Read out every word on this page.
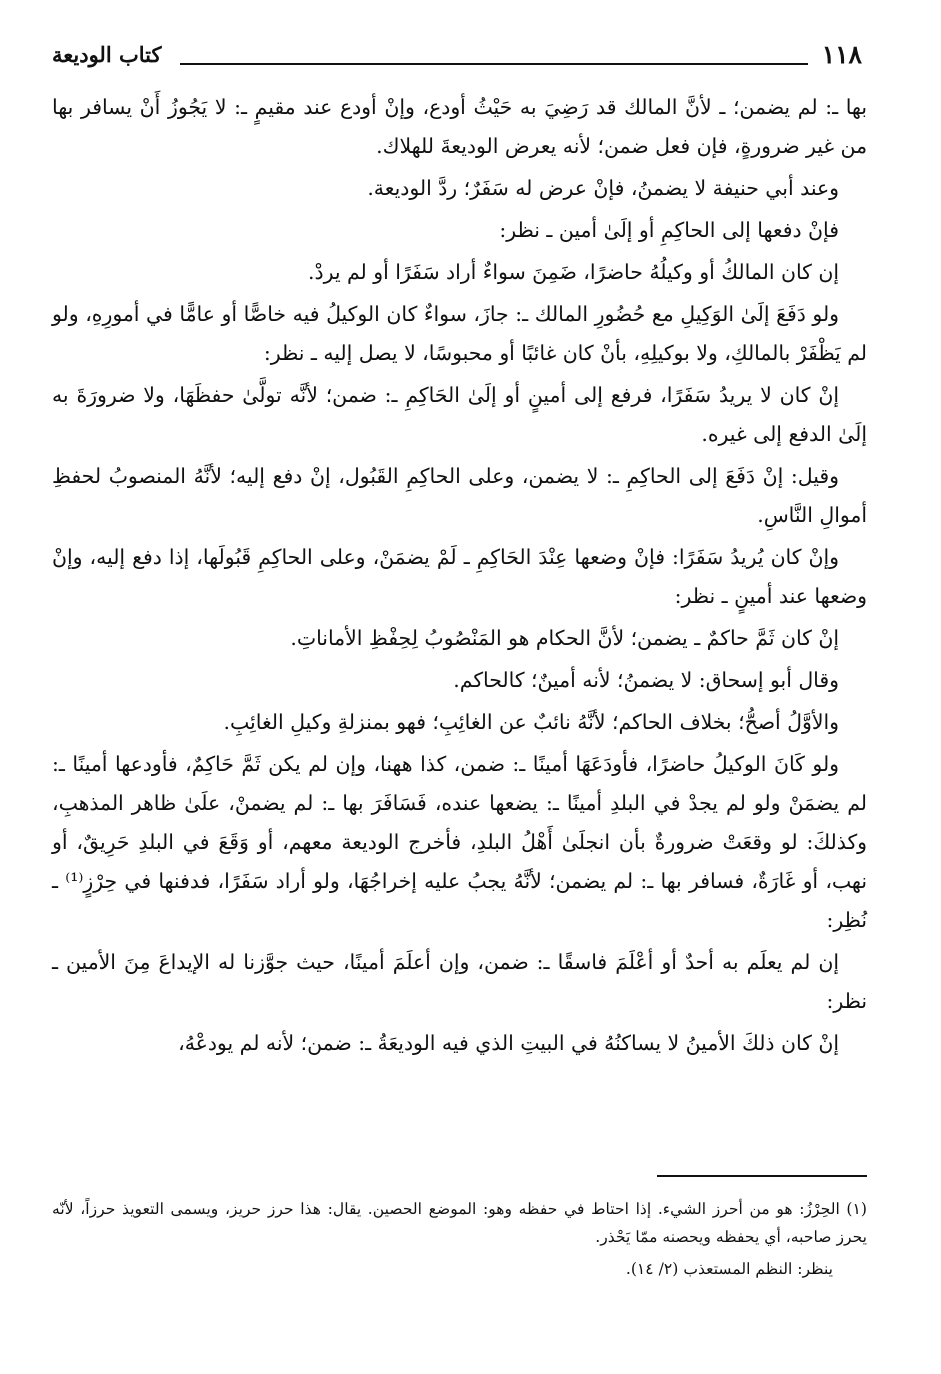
١١٨
كتاب الوديعة

بها ـ: لم يضمن؛ ـ لأنَّ المالك قد رَضِيَ به حَيْثُ أودع، وإنْ أودع عند مقيمٍ ـ: لا يَجُوزُ أَنْ يسافر بها من غير ضرورةٍ، فإن فعل ضمن؛ لأنه يعرض الوديعةَ للهلاك.

وعند أبي حنيفة لا يضمنُ، فإنْ عرض له سَفَرٌ؛ ردَّ الوديعة.

فإنْ دفعها إلى الحاكِمِ أو إلَىٰ أمين ـ نظر:

إن كان المالكُ أو وكيلُهُ حاضرًا، ضَمِنَ سواءٌ أراد سَفَرًا أو لم يردْ.

ولو دَفَعَ إلَىٰ الوَكِيلِ مع حُضُورِ المالك ـ: جازَ، سواءٌ كان الوكيلُ فيه خاصًّا أو عامًّا في أمورِهِ، ولو لم يَظْفَرْ بالمالكِ، ولا بوكيلِهِ، بأنْ كان غائبًا أو محبوسًا، لا يصل إليه ـ نظر:

إنْ كان لا يريدُ سَفَرًا، فرفع إلى أمينٍ أو إلَىٰ الحَاكِمِ ـ: ضمن؛ لأنَّه تولَّىٰ حفظَهَا، ولا ضرورَةَ به إلَىٰ الدفع إلى غيره.

وقيل: إنْ دَفَعَ إلى الحاكِمِ ـ: لا يضمن، وعلى الحاكِمِ القَبُول، إنْ دفع إليه؛ لأنَّهُ المنصوبُ لحفظِ أموالِ النَّاسِ.

وإنْ كان يُريدُ سَفَرًا: فإنْ وضعها عِنْدَ الحَاكِمِ ـ لَمْ يضمَنْ، وعلى الحاكِمِ قَبُولَها، إذا دفع إليه، وإنْ وضعها عند أمينٍ ـ نظر:

إنْ كان ثَمَّ حاكمٌ ـ يضمن؛ لأنَّ الحكام هو المَنْصُوبُ لِحِفْظِ الأماناتِ.

وقال أبو إسحاق: لا يضمنُ؛ لأنه أمينٌ؛ كالحاكم.

والأوَّلُ أصحُّ؛ بخلاف الحاكم؛ لأنَّهُ نائبٌ عن الغائِبِ؛ فهو بمنزلةِ وكيلِ الغائِبِ.

ولو كَانَ الوكيلُ حاضرًا، فأودَعَهَا أمينًا ـ: ضمن، كذا ههنا، وإن لم يكن ثَمَّ حَاكِمٌ، فأودعها أمينًا ـ: لم يضمَنْ ولو لم يجدْ في البلدِ أمينًا ـ: يضعها عنده، فَسَافَرَ بها ـ: لم يضمنْ، علَىٰ ظاهر المذهبِ، وكذلكَ: لو وقعَتْ ضرورةٌ بأن انجلَىٰ أَهْلُ البلدِ، فأخرج الوديعة معهم، أو وَقَعَ في البلدِ حَرِيقٌ، أو نهب، أو غَارَةٌ، فسافر بها ـ: لم يضمن؛ لأنَّهُ يجبُ عليه إخراجُهَا، ولو أراد سَفَرًا، فدفنها في حِرْزٍ⁽¹⁾ ـ نُظِر:

إن لم يعلَم به أحدٌ أو أعْلَمَ فاسقًا ـ: ضمن، وإن أعلَمَ أمينًا، حيث جوَّزنا له الإيداعَ مِنَ الأمين ـ نظر:

إنْ كان ذلكَ الأمينُ لا يساكنُهُ في البيتِ الذي فيه الوديعَةُ ـ: ضمن؛ لأنه لم يودعْهُ،

(١) الحِرْزُ: هو من أحرز الشيء. إذا احتاط في حفظه وهو: الموضع الحصين. يقال: هذا حرز حريز، ويسمى التعويذ حرزاً، لأنّه يحرز صاحبه، أي يحفظه ويحصنه ممّا يَحْذر.

ينظر: النظم المستعذب (٢/ ١٤).
